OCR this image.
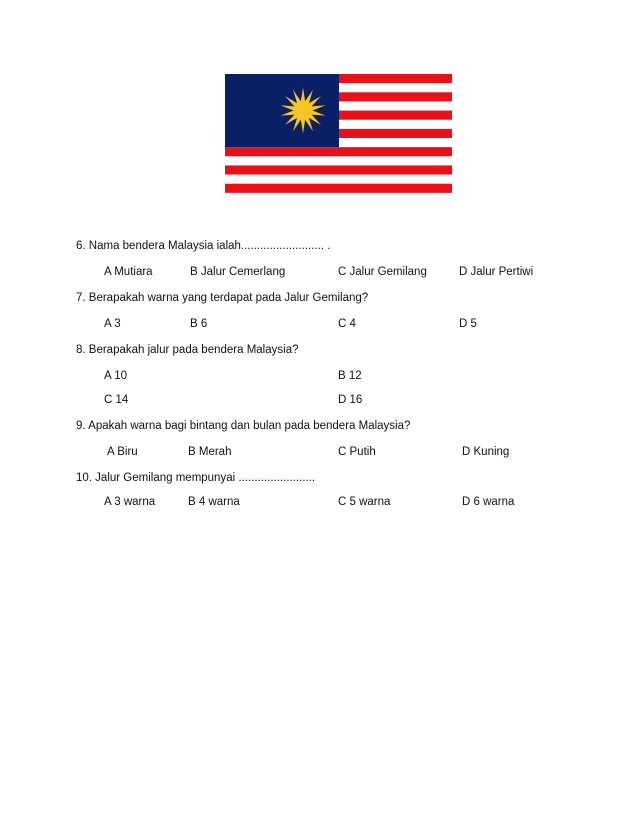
6. Nama bendera Malaysia ialah.......................... .
A Mutiara	B Jalur Cemerlang	C Jalur Gemilang	D Jalur Pertiwi
7. Berapakah warna yang terdapat pada Jalur Gemilang?
A 3	B 6	C 4	D 5
8. Berapakah jalur pada bendera Malaysia?
A 10	B 12
C 14	D 16
9. Apakah warna bagi bintang dan bulan pada bendera Malaysia?
A Biru	B Merah	C Putih	D Kuning
10. Jalur Gemilang mempunyai ........................
A 3 warna	B 4 warna	C 5 warna	D 6 warna
